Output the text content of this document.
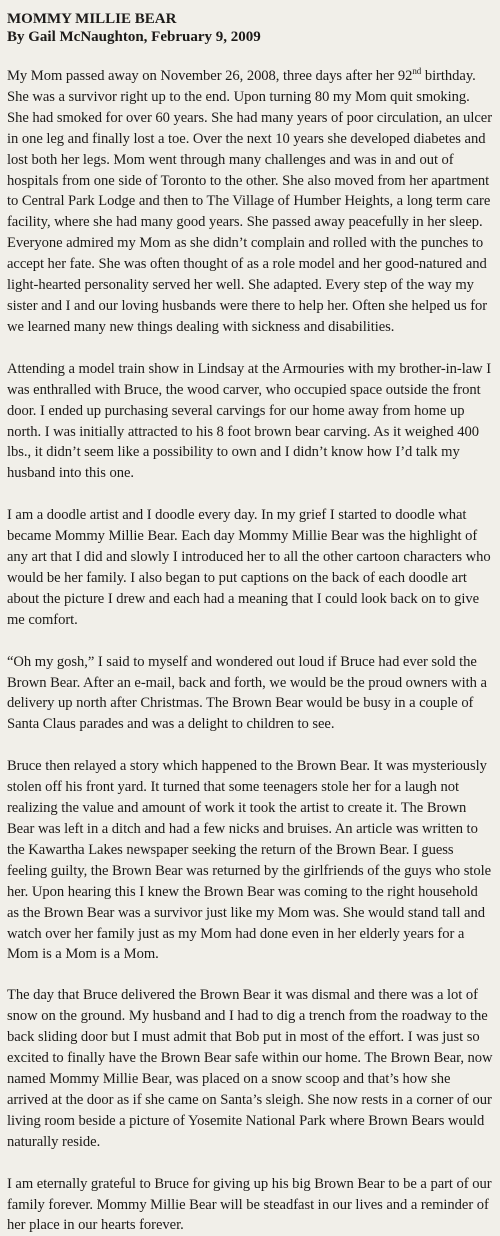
MOMMY MILLIE BEAR

By Gail McNaughton, February 9, 2009

My Mom passed away on November 26, 2008, three days after her 92nd birthday. She was a survivor right up to the end. Upon turning 80 my Mom quit smoking. She had smoked for over 60 years. She had many years of poor circulation, an ulcer in one leg and finally lost a toe. Over the next 10 years she developed diabetes and lost both her legs. Mom went through many challenges and was in and out of hospitals from one side of Toronto to the other. She also moved from her apartment to Central Park Lodge and then to The Village of Humber Heights, a long term care facility, where she had many good years. She passed away peacefully in her sleep. Everyone admired my Mom as she didn’t complain and rolled with the punches to accept her fate. She was often thought of as a role model and her good-natured and light-hearted personality served her well. She adapted. Every step of the way my sister and I and our loving husbands were there to help her. Often she helped us for we learned many new things dealing with sickness and disabilities.

Attending a model train show in Lindsay at the Armouries with my brother-in-law I was enthralled with Bruce, the wood carver, who occupied space outside the front door. I ended up purchasing several carvings for our home away from home up north. I was initially attracted to his 8 foot brown bear carving. As it weighed 400 lbs., it didn’t seem like a possibility to own and I didn’t know how I’d talk my husband into this one.

I am a doodle artist and I doodle every day. In my grief I started to doodle what became Mommy Millie Bear. Each day Mommy Millie Bear was the highlight of any art that I did and slowly I introduced her to all the other cartoon characters who would be her family. I also began to put captions on the back of each doodle art about the picture I drew and each had a meaning that I could look back on to give me comfort.

“Oh my gosh,” I said to myself and wondered out loud if Bruce had ever sold the Brown Bear. After an e-mail, back and forth, we would be the proud owners with a delivery up north after Christmas. The Brown Bear would be busy in a couple of Santa Claus parades and was a delight to children to see.

Bruce then relayed a story which happened to the Brown Bear. It was mysteriously stolen off his front yard. It turned that some teenagers stole her for a laugh not realizing the value and amount of work it took the artist to create it. The Brown Bear was left in a ditch and had a few nicks and bruises. An article was written to the Kawartha Lakes newspaper seeking the return of the Brown Bear. I guess feeling guilty, the Brown Bear was returned by the girlfriends of the guys who stole her. Upon hearing this I knew the Brown Bear was coming to the right household as the Brown Bear was a survivor just like my Mom was. She would stand tall and watch over her family just as my Mom had done even in her elderly years for a Mom is a Mom is a Mom.

The day that Bruce delivered the Brown Bear it was dismal and there was a lot of snow on the ground. My husband and I had to dig a trench from the roadway to the back sliding door but I must admit that Bob put in most of the effort. I was just so excited to finally have the Brown Bear safe within our home. The Brown Bear, now named Mommy Millie Bear, was placed on a snow scoop and that’s how she arrived at the door as if she came on Santa’s sleigh. She now rests in a corner of our living room beside a picture of Yosemite National Park where Brown Bears would naturally reside.

I am eternally grateful to Bruce for giving up his big Brown Bear to be a part of our family forever. Mommy Millie Bear will be steadfast in our lives and a reminder of her place in our hearts forever.
